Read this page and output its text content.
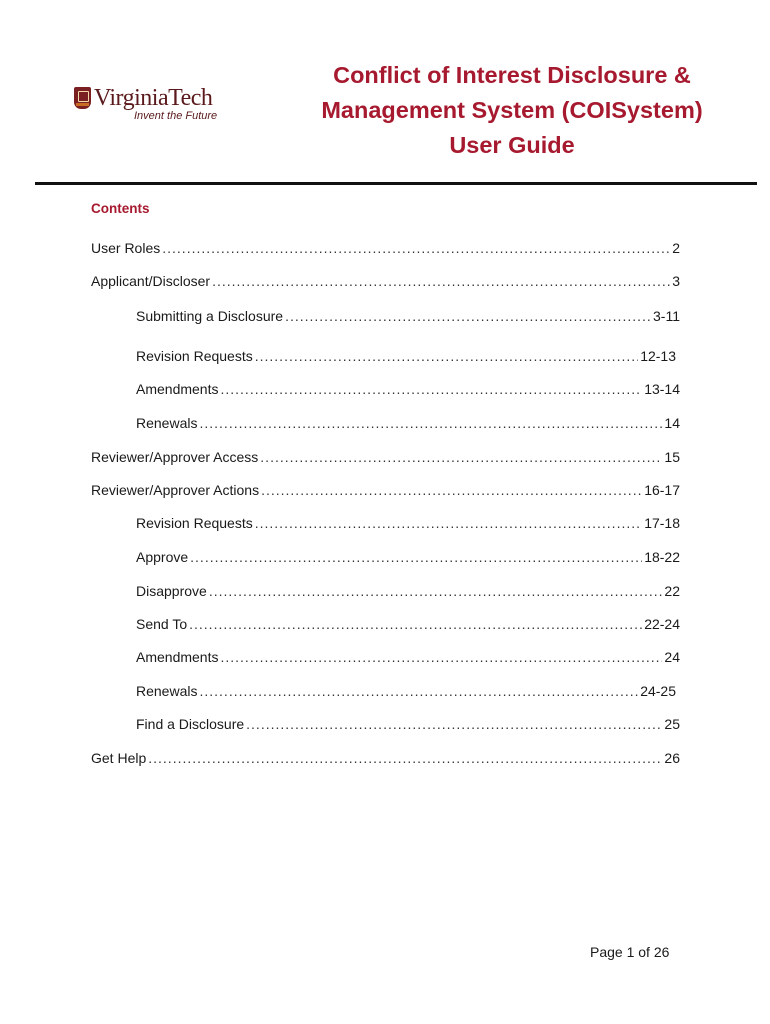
VirginiaTech
Invent the Future
Conflict of Interest Disclosure &
Management System (COISystem)
User Guide
Contents
User Roles .....	2
Applicant/Discloser .....	3
Submitting a Disclosure .....	3-11
Revision Requests .....	12-13
Amendments .....	13-14
Renewals .....	14
Reviewer/Approver Access .....	15
Reviewer/Approver Actions .....	16-17
Revision Requests .....	17-18
Approve .....	18-22
Disapprove .....	22
Send To .....	22-24
Amendments .....	24
Renewals .....	24-25
Find a Disclosure .....	25
Get Help .....	26
Page 1 of 26
